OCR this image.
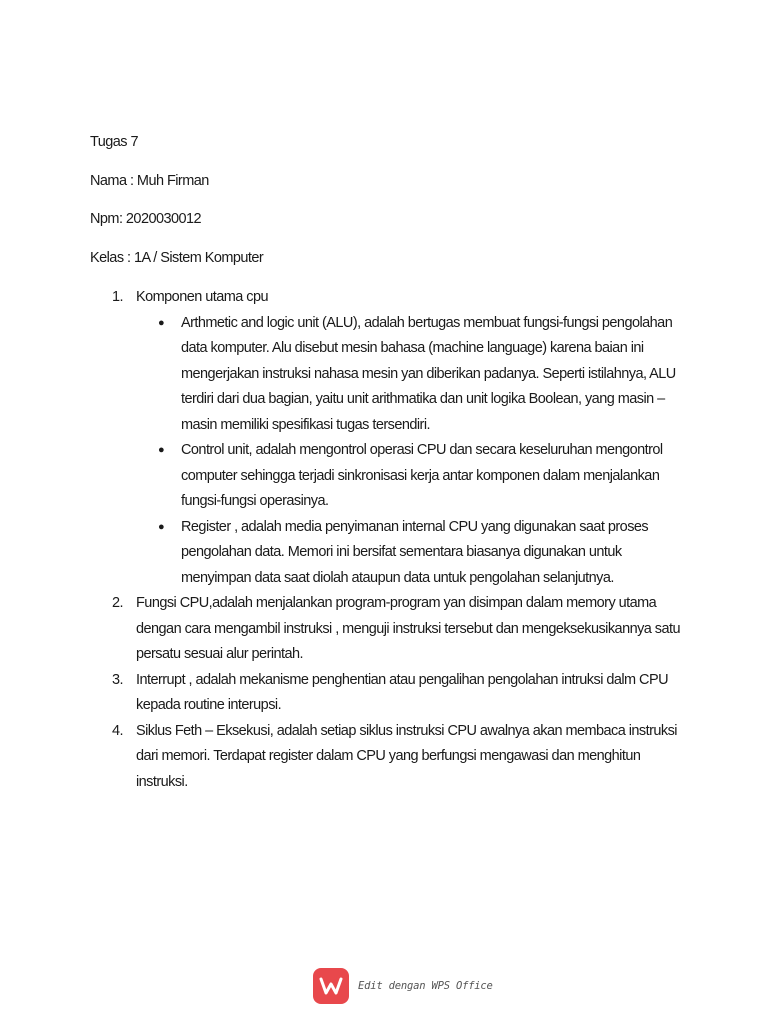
Tugas 7

Nama : Muh Firman

Npm: 2020030012

Kelas : 1A / Sistem Komputer

1. Komponen utama cpu
● Arthmetic and logic unit (ALU), adalah bertugas membuat fungsi-fungsi pengolahan data komputer. Alu disebut mesin bahasa (machine language) karena baian ini mengerjakan instruksi nahasa mesin yan diberikan padanya. Seperti istilahnya, ALU terdiri dari dua bagian, yaitu unit arithmatika dan unit logika Boolean, yang masin –masin memiliki spesifikasi tugas tersendiri.
● Control unit, adalah mengontrol operasi CPU dan secara keseluruhan mengontrol computer sehingga terjadi sinkronisasi kerja antar komponen dalam menjalankan fungsi-fungsi operasinya.
● Register , adalah media penyimanan internal CPU yang digunakan saat proses pengolahan data. Memori ini bersifat sementara biasanya digunakan untuk menyimpan data saat diolah ataupun data untuk pengolahan selanjutnya.
2. Fungsi CPU,adalah menjalankan program-program yan disimpan dalam memory utama dengan cara mengambil instruksi , menguji instruksi tersebut dan mengeksekusikannya satu persatu sesuai alur perintah.
3. Interrupt , adalah mekanisme penghentian atau pengalihan pengolahan intruksi dalm CPU kepada routine interupsi.
4. Siklus Feth – Eksekusi, adalah setiap siklus instruksi CPU awalnya akan membaca instruksi dari memori. Terdapat register dalam CPU yang berfungsi mengawasi dan menghitun instruksi.
Edit dengan WPS Office
